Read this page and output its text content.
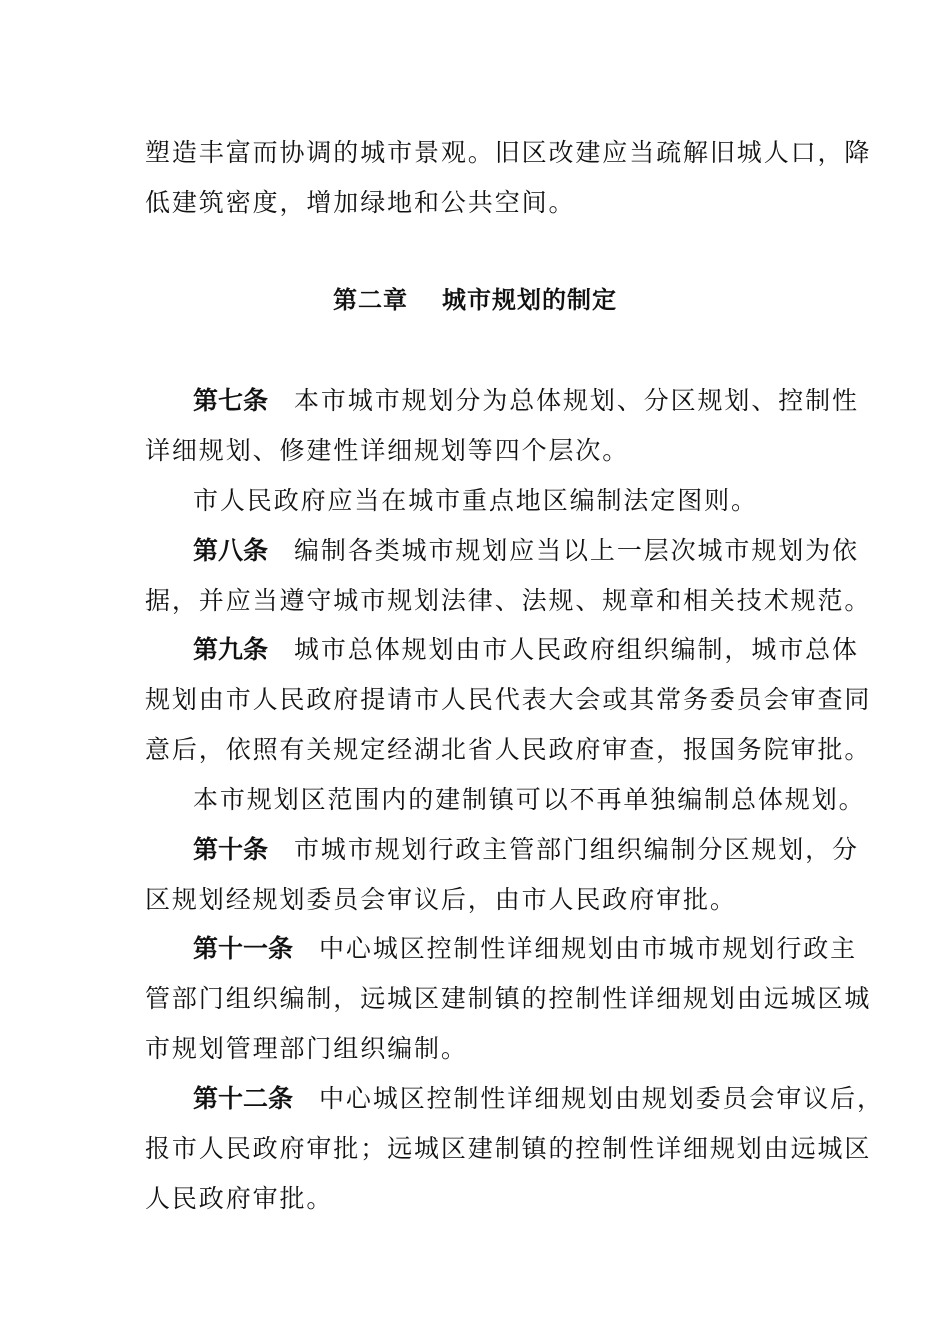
塑造丰富而协调的城市景观。旧区改建应当疏解旧城人口，降
低建筑密度，增加绿地和公共空间。
第二章 城市规划的制定
第七条 本市城市规划分为总体规划、分区规划、控制性
详细规划、修建性详细规划等四个层次。
市人民政府应当在城市重点地区编制法定图则。
第八条 编制各类城市规划应当以上一层次城市规划为依
据，并应当遵守城市规划法律、法规、规章和相关技术规范。
第九条 城市总体规划由市人民政府组织编制，城市总体
规划由市人民政府提请市人民代表大会或其常务委员会审查同
意后，依照有关规定经湖北省人民政府审查，报国务院审批。
本市规划区范围内的建制镇可以不再单独编制总体规划。
第十条 市城市规划行政主管部门组织编制分区规划，分
区规划经规划委员会审议后，由市人民政府审批。
第十一条 中心城区控制性详细规划由市城市规划行政主
管部门组织编制，远城区建制镇的控制性详细规划由远城区城
市规划管理部门组织编制。
第十二条 中心城区控制性详细规划由规划委员会审议后，
报市人民政府审批；远城区建制镇的控制性详细规划由远城区
人民政府审批。
